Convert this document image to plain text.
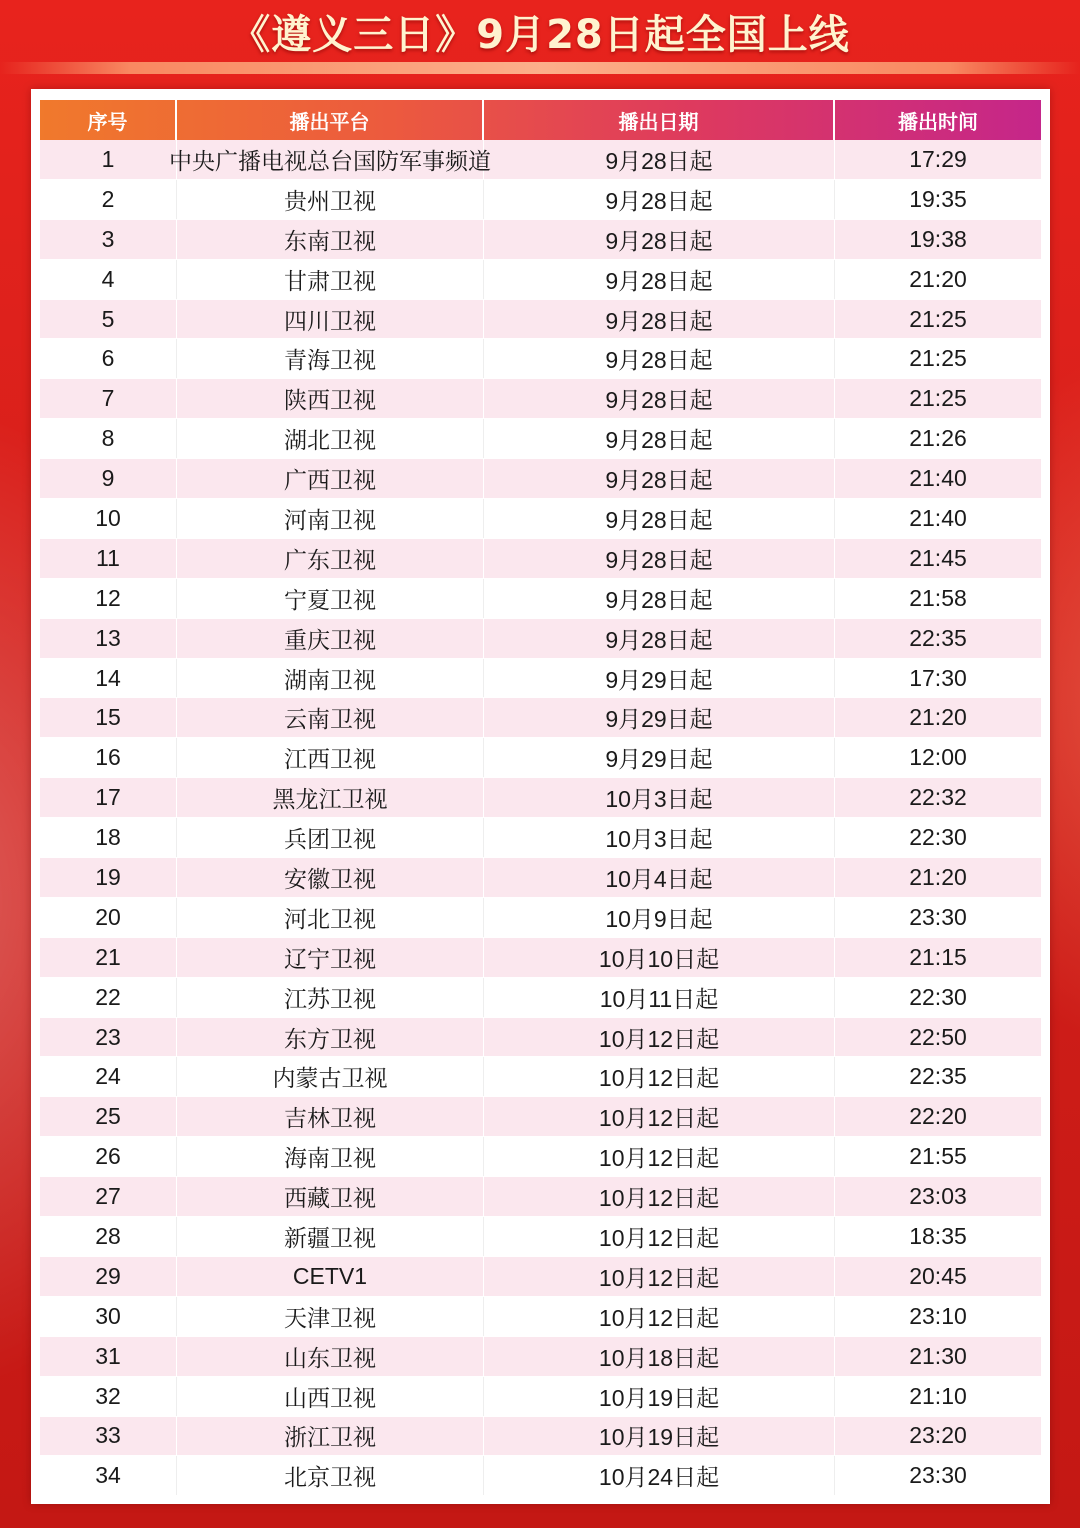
《遵义三日》9月28日起全国上线
序号	播出平台	播出日期	播出时间
1	中央广播电视总台国防军事频道	9月28日起	17:29
2	贵州卫视	9月28日起	19:35
3	东南卫视	9月28日起	19:38
4	甘肃卫视	9月28日起	21:20
5	四川卫视	9月28日起	21:25
6	青海卫视	9月28日起	21:25
7	陕西卫视	9月28日起	21:25
8	湖北卫视	9月28日起	21:26
9	广西卫视	9月28日起	21:40
10	河南卫视	9月28日起	21:40
11	广东卫视	9月28日起	21:45
12	宁夏卫视	9月28日起	21:58
13	重庆卫视	9月28日起	22:35
14	湖南卫视	9月29日起	17:30
15	云南卫视	9月29日起	21:20
16	江西卫视	9月29日起	12:00
17	黑龙江卫视	10月3日起	22:32
18	兵团卫视	10月3日起	22:30
19	安徽卫视	10月4日起	21:20
20	河北卫视	10月9日起	23:30
21	辽宁卫视	10月10日起	21:15
22	江苏卫视	10月11日起	22:30
23	东方卫视	10月12日起	22:50
24	内蒙古卫视	10月12日起	22:35
25	吉林卫视	10月12日起	22:20
26	海南卫视	10月12日起	21:55
27	西藏卫视	10月12日起	23:03
28	新疆卫视	10月12日起	18:35
29	CETV1	10月12日起	20:45
30	天津卫视	10月12日起	23:10
31	山东卫视	10月18日起	21:30
32	山西卫视	10月19日起	21:10
33	浙江卫视	10月19日起	23:20
34	北京卫视	10月24日起	23:30
